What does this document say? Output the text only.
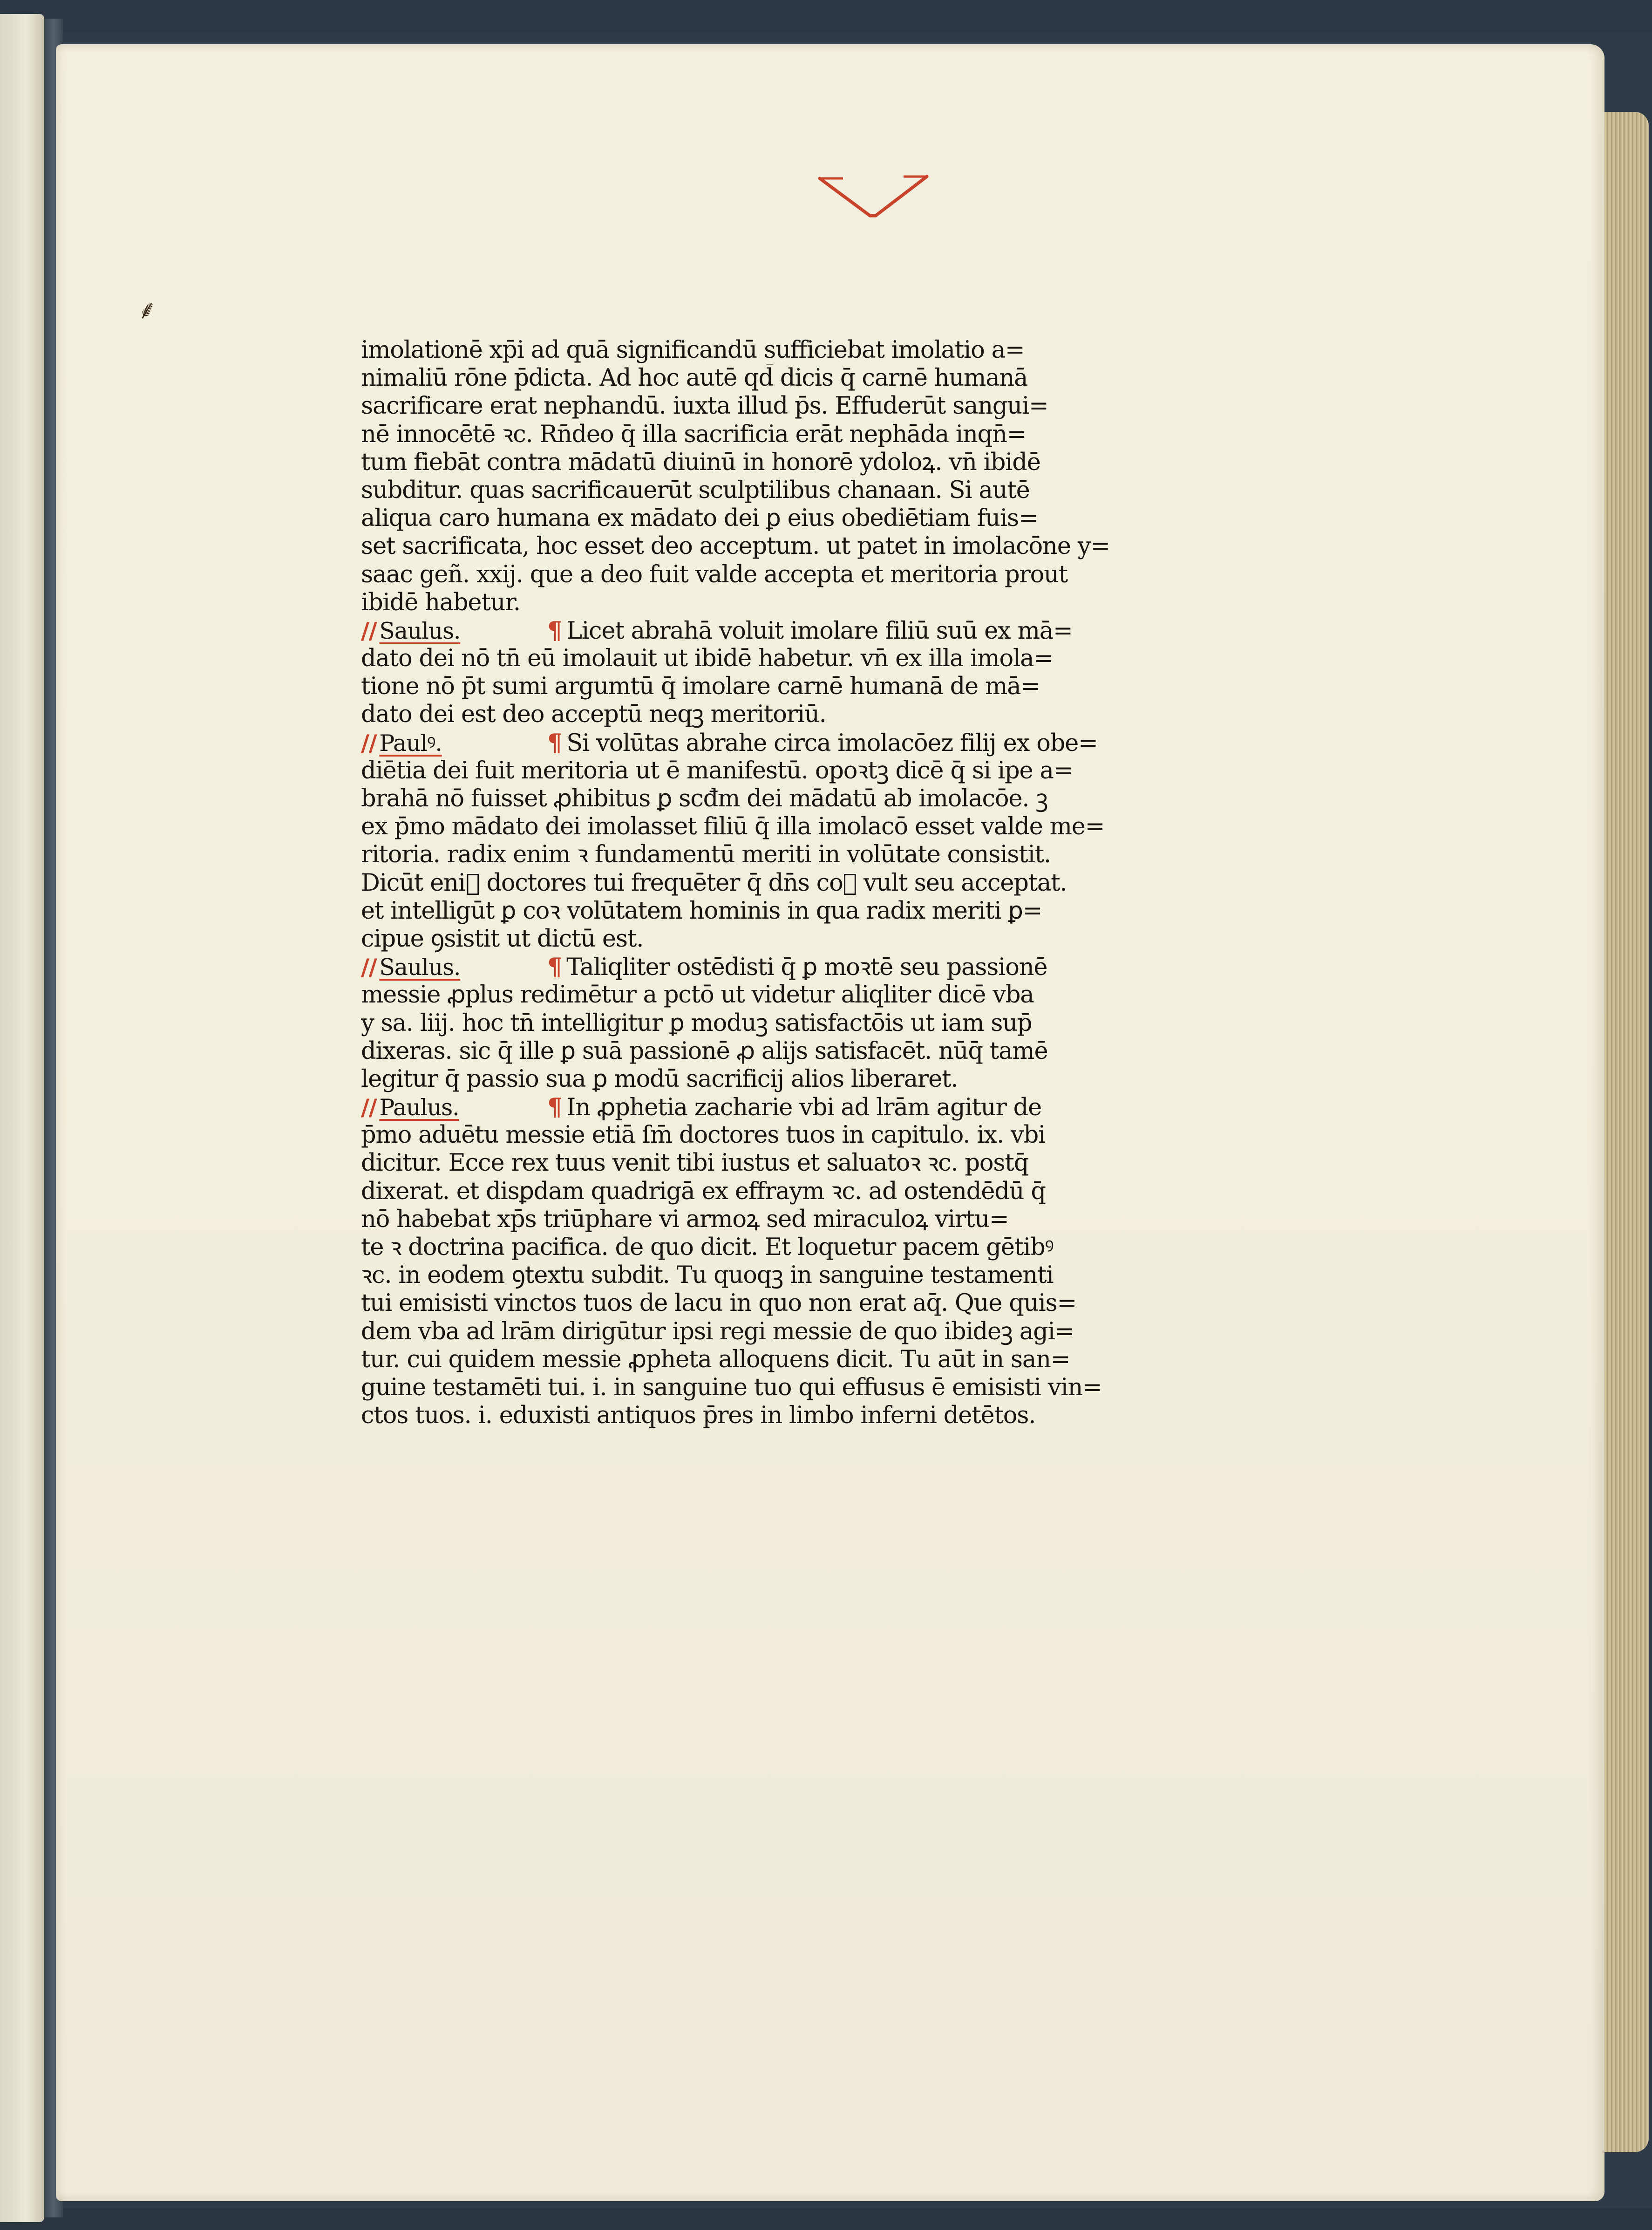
V
⸙
imolationē xp̄i ad quā significandū sufficiebat imolatio a=
nimaliū rōne p̄dicta. Ad hoc autē qd̄ dicis q̄ carnē humanā
sacrificare erat nephandū. iuxta illud p̄s. Effuderūt sangui=
nē innocētē ꝛc. Rn̄deo q̄ illa sacrificia erāt nephāda inqn̄=
tum fiebāt contra mādatū diuinū in honorē ydoloꝝ. vn̄ ibidē
subditur. quas sacrificauerūt sculptilibus chanaan. Si autē
aliqua caro humana ex mādato dei ꝑ eius obediētiam fuis=
set sacrificata, hoc esset deo acceptum. ut patet in imolacōne y=
saac geñ. xxij. que a deo fuit valde accepta et meritoria prout
ibidē habetur.
// Saulus.	¶ Licet abrahā voluit imolare filiū suū ex mā=
dato dei nō tn̄ eū imolauit ut ibidē habetur. vn̄ ex illa imola=
tione nō p̄t sumi argumtū q̄ imolare carnē humanā de mā=
dato dei est deo acceptū neqꝫ meritoriū.
// Paulꝰ.	¶ Si volūtas abrahe circa imolacōez filij ex obe=
diētia dei fuit meritoria ut ē manifestū. opoꝛtꝫ dicē q̄ si ipe a=
brahā nō fuisset ꝓhibitus ꝑ scđm dei mādatū ab imolacōe. ꝫ
ex p̄mo mādato dei imolasset filiū q̄ illa imolacō esset valde me=
ritoria. radix enim ꝛ fundamentū meriti in volūtate consistit.
Dicūt eni᷑ doctores tui frequēter q̄ dn̄s coꝛ vult seu acceptat.
et intelligūt ꝑ coꝛ volūtatem hominis in qua radix meriti ꝑ=
cipue ꝯsistit ut dictū est.
// Saulus.	¶ Taliqliter ostēdisti q̄ ꝑ moꝛtē seu passionē
messie ꝓplus redimētur a pctō ut videtur aliqliter dicē vba
y sa. liij. hoc tn̄ intelligitur ꝑ moduꝫ satisfactōis ut iam sup̄
dixeras. sic q̄ ille ꝑ suā passionē ꝓ alijs satisfacēt. nūq̄ tamē
legitur q̄ passio sua ꝑ modū sacrificij alios liberaret.
// Paulus.	¶ In ꝓphetia zacharie vbi ad lrām agitur de
p̄mo aduētu messie etiā ſm̄ doctores tuos in capitulo. ix. vbi
dicitur. Ecce rex tuus venit tibi iustus et saluatoꝛ ꝛc. postq̄
dixerat. et disꝑdam quadrigā ex effraym ꝛc. ad ostendēdū q̄
nō habebat xp̄s triūphare vi armoꝝ sed miraculoꝝ virtu=
te ꝛ doctrina pacifica. de quo dicit. Et loquetur pacem gētibꝰ
ꝛc. in eodem ꝯtextu subdit. Tu quoqꝫ in sanguine testamenti
tui emisisti vinctos tuos de lacu in quo non erat aq̄. Que quis=
dem vba ad lrām dirigūtur ipsi regi messie de quo ibideꝫ agi=
tur. cui quidem messie ꝓpheta alloquens dicit. Tu aūt in san=
guine testamēti tui. i. in sanguine tuo qui effusus ē emisisti vin=
ctos tuos. i. eduxisti antiquos p̄res in limbo inferni detētos.
